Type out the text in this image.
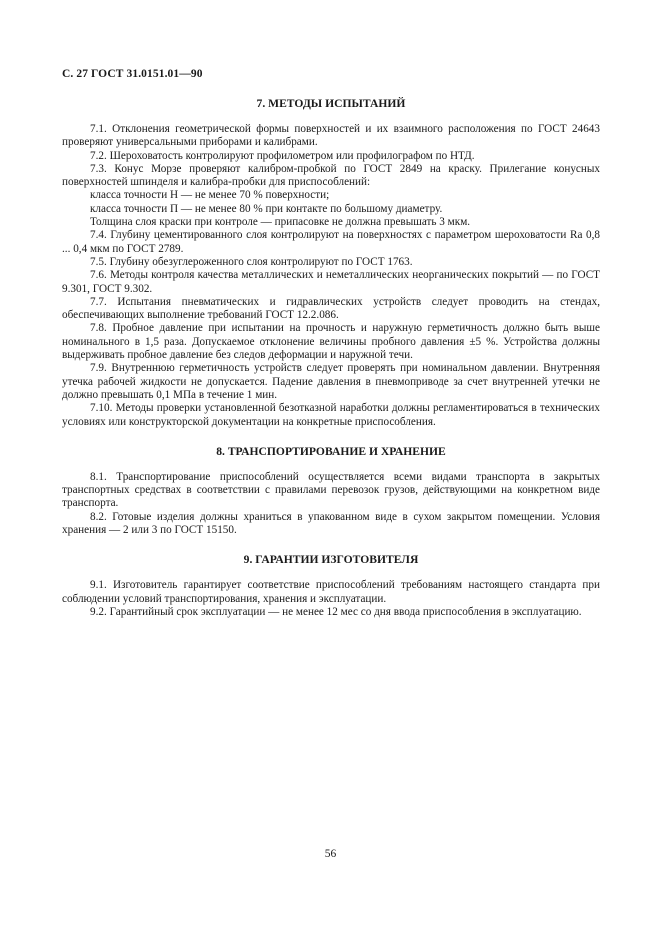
С. 27 ГОСТ 31.0151.01—90
7. МЕТОДЫ ИСПЫТАНИЙ

7.1. Отклонения геометрической формы поверхностей и их взаимного расположения по ГОСТ 24643 проверяют универсальными приборами и калибрами.

7.2. Шероховатость контролируют профилометром или профилографом по НТД.

7.3. Конус Морзе проверяют калибром-пробкой по ГОСТ 2849 на краску. Прилегание конусных поверхностей шпинделя и калибра-пробки для приспособлений:

класса точности Н — не менее 70 % поверхности;

класса точности П — не менее 80 % при контакте по большому диаметру.

Толщина слоя краски при контроле — припасовке не должна превышать 3 мкм.

7.4. Глубину цементированного слоя контролируют на поверхностях с параметром шероховатости Ra 0,8 ... 0,4 мкм по ГОСТ 2789.

7.5. Глубину обезуглероженного слоя контролируют по ГОСТ 1763.

7.6. Методы контроля качества металлических и неметаллических неорганических покрытий — по ГОСТ 9.301, ГОСТ 9.302.

7.7. Испытания пневматических и гидравлических устройств следует проводить на стендах, обеспечивающих выполнение требований ГОСТ 12.2.086.

7.8. Пробное давление при испытании на прочность и наружную герметичность должно быть выше номинального в 1,5 раза. Допускаемое отклонение величины пробного давления ±5 %. Устройства должны выдерживать пробное давление без следов деформации и наружной течи.

7.9. Внутреннюю герметичность устройств следует проверять при номинальном давлении. Внутренняя утечка рабочей жидкости не допускается. Падение давления в пневмоприводе за счет внутренней утечки не должно превышать 0,1 МПа в течение 1 мин.

7.10. Методы проверки установленной безотказной наработки должны регламентироваться в технических условиях или конструкторской документации на конкретные приспособления.

8. ТРАНСПОРТИРОВАНИЕ И ХРАНЕНИЕ

8.1. Транспортирование приспособлений осуществляется всеми видами транспорта в закрытых транспортных средствах в соответствии с правилами перевозок грузов, действующими на конкретном виде транспорта.

8.2. Готовые изделия должны храниться в упакованном виде в сухом закрытом помещении. Условия хранения — 2 или 3 по ГОСТ 15150.

9. ГАРАНТИИ ИЗГОТОВИТЕЛЯ

9.1. Изготовитель гарантирует соответствие приспособлений требованиям настоящего стандарта при соблюдении условий транспортирования, хранения и эксплуатации.

9.2. Гарантийный срок эксплуатации — не менее 12 мес со дня ввода приспособления в эксплуатацию.

56
